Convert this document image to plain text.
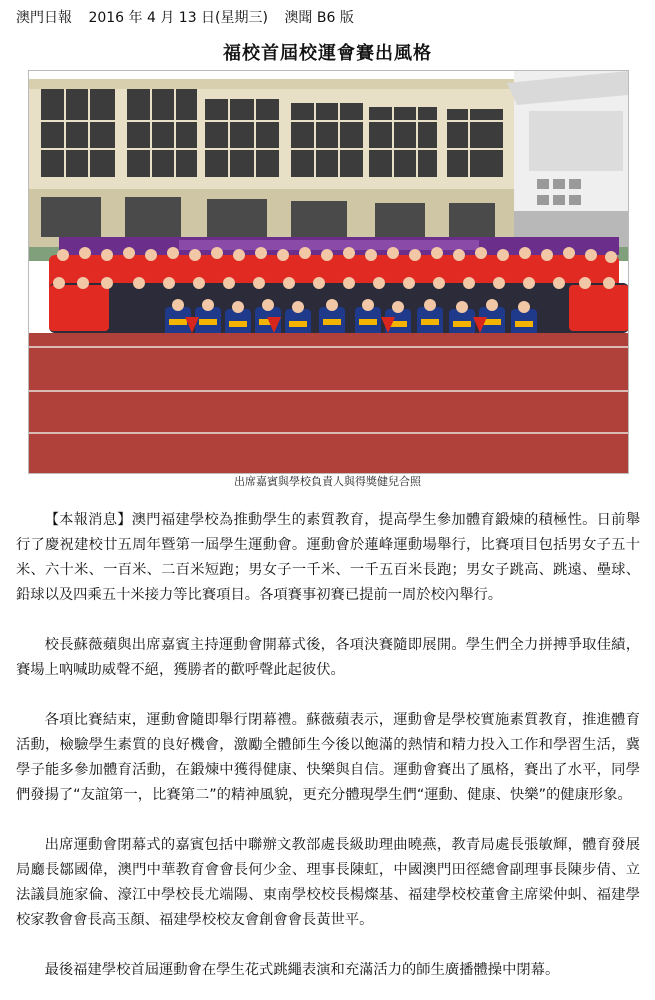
澳門日報 2016 年 4 月 13 日(星期三) 澳聞 B6 版
福校首屆校運會賽出風格
出席嘉賓與學校負責人與得獎健兒合照

【本報消息】澳門福建學校為推動學生的素質教育，提高學生參加體育鍛煉的積極性。日前舉行了慶祝建校廿五周年暨第一屆學生運動會。運動會於蓮峰運動場舉行，比賽項目包括男女子五十米、六十米、一百米、二百米短跑；男女子一千米、一千五百米長跑；男女子跳高、跳遠、壘球、鉛球以及四乘五十米接力等比賽項目。各項賽事初賽已提前一周於校內舉行。

校長蘇薇蘋與出席嘉賓主持運動會開幕式後，各項決賽隨即展開。學生們全力拼搏爭取佳績，賽場上吶喊助威聲不絕，獲勝者的歡呼聲此起彼伏。

各項比賽結束，運動會隨即舉行閉幕禮。蘇薇蘋表示，運動會是學校實施素質教育，推進體育活動，檢驗學生素質的良好機會，激勵全體師生今後以飽滿的熱情和精力投入工作和學習生活，冀學子能多參加體育活動，在鍛煉中獲得健康、快樂與自信。運動會賽出了風格，賽出了水平，同學們發揚了“友誼第一，比賽第二”的精神風貌，更充分體現學生們“運動、健康、快樂”的健康形象。

出席運動會閉幕式的嘉賓包括中聯辦文教部處長級助理曲曉燕，教青局處長張敏輝，體育發展局廳長鄒國偉，澳門中華教育會會長何少金、理事長陳虹，中國澳門田徑總會副理事長陳步倩、立法議員施家倫、濠江中學校長尤端陽、東南學校校長楊燦基、福建學校校董會主席梁仲虯、福建學校家教會會長高玉顏、福建學校校友會創會會長黃世平。

最後福建學校首屆運動會在學生花式跳繩表演和充滿活力的師生廣播體操中閉幕。
